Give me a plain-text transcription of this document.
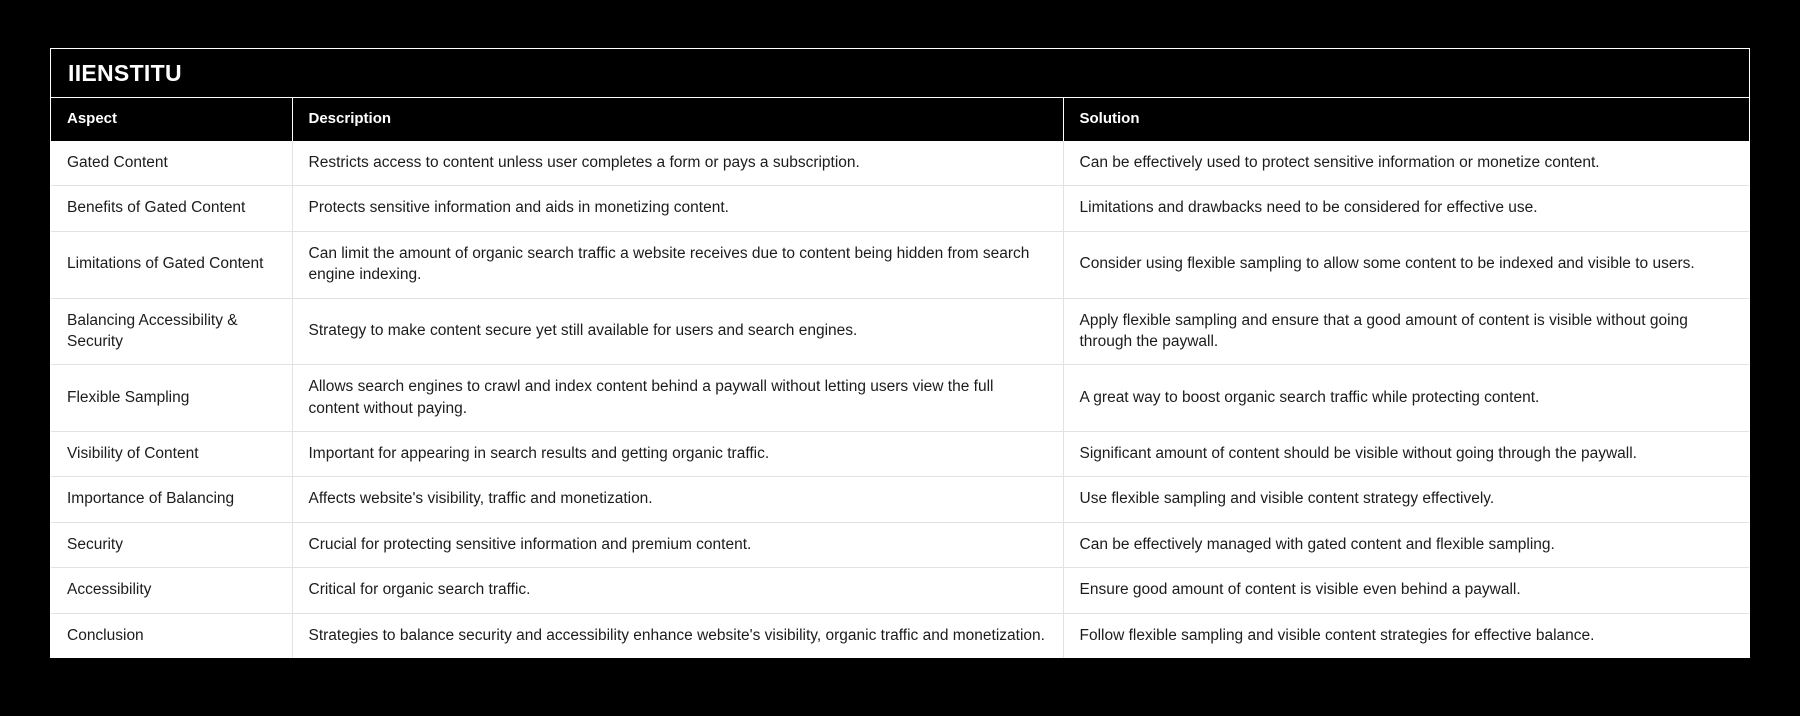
IIENSTITU
Aspect	Description	Solution
Gated Content	Restricts access to content unless user completes a form or pays a subscription.	Can be effectively used to protect sensitive information or monetize content.
Benefits of Gated Content	Protects sensitive information and aids in monetizing content.	Limitations and drawbacks need to be considered for effective use.
Limitations of Gated Content	Can limit the amount of organic search traffic a website receives due to content being hidden from search engine indexing.	Consider using flexible sampling to allow some content to be indexed and visible to users.
Balancing Accessibility & Security	Strategy to make content secure yet still available for users and search engines.	Apply flexible sampling and ensure that a good amount of content is visible without going through the paywall.
Flexible Sampling	Allows search engines to crawl and index content behind a paywall without letting users view the full content without paying.	A great way to boost organic search traffic while protecting content.
Visibility of Content	Important for appearing in search results and getting organic traffic.	Significant amount of content should be visible without going through the paywall.
Importance of Balancing	Affects website's visibility, traffic and monetization.	Use flexible sampling and visible content strategy effectively.
Security	Crucial for protecting sensitive information and premium content.	Can be effectively managed with gated content and flexible sampling.
Accessibility	Critical for organic search traffic.	Ensure good amount of content is visible even behind a paywall.
Conclusion	Strategies to balance security and accessibility enhance website's visibility, organic traffic and monetization.	Follow flexible sampling and visible content strategies for effective balance.
